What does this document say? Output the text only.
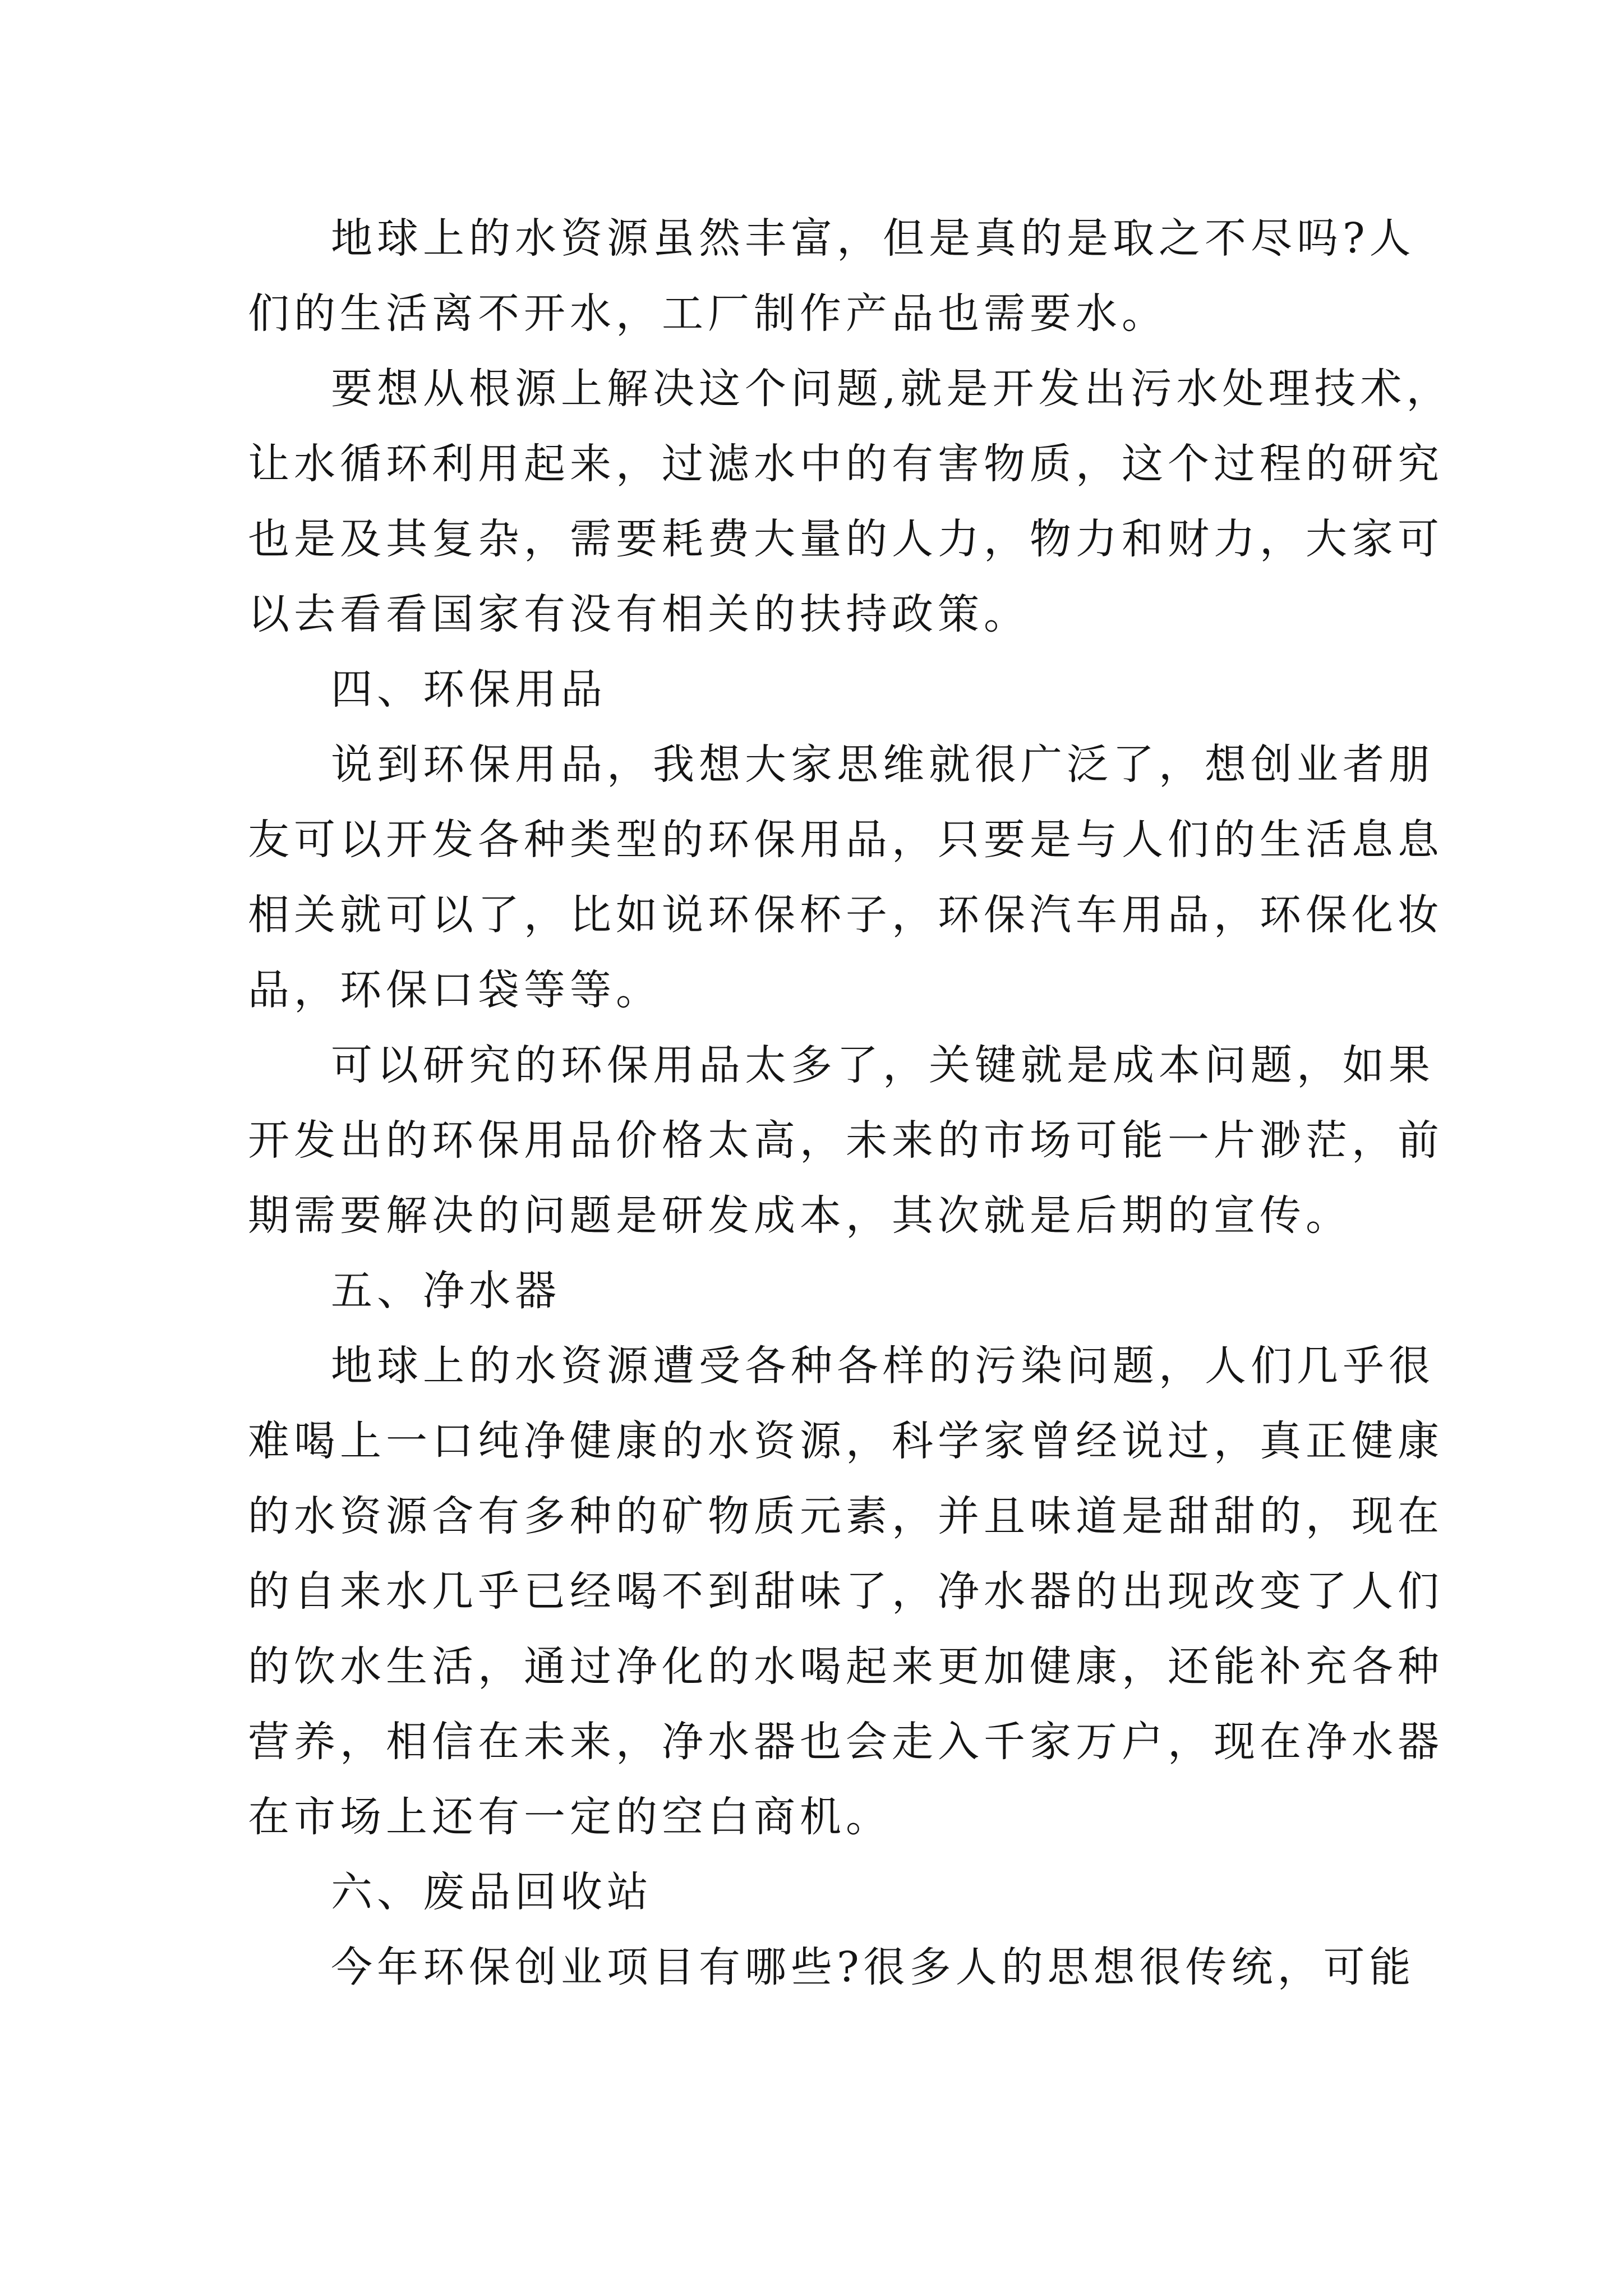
地球上的水资源虽然丰富，但是真的是取之不尽吗?人
们的生活离不开水，工厂制作产品也需要水。
要想从根源上解决这个问题,就是开发出污水处理技术，
让水循环利用起来，过滤水中的有害物质，这个过程的研究
也是及其复杂，需要耗费大量的人力，物力和财力，大家可
以去看看国家有没有相关的扶持政策。
四、环保用品
说到环保用品，我想大家思维就很广泛了，想创业者朋
友可以开发各种类型的环保用品，只要是与人们的生活息息
相关就可以了，比如说环保杯子，环保汽车用品，环保化妆
品，环保口袋等等。
可以研究的环保用品太多了，关键就是成本问题，如果
开发出的环保用品价格太高，未来的市场可能一片渺茫，前
期需要解决的问题是研发成本，其次就是后期的宣传。
五、净水器
地球上的水资源遭受各种各样的污染问题，人们几乎很
难喝上一口纯净健康的水资源，科学家曾经说过，真正健康
的水资源含有多种的矿物质元素，并且味道是甜甜的，现在
的自来水几乎已经喝不到甜味了，净水器的出现改变了人们
的饮水生活，通过净化的水喝起来更加健康，还能补充各种
营养，相信在未来，净水器也会走入千家万户，现在净水器
在市场上还有一定的空白商机。
六、废品回收站
今年环保创业项目有哪些?很多人的思想很传统，可能
